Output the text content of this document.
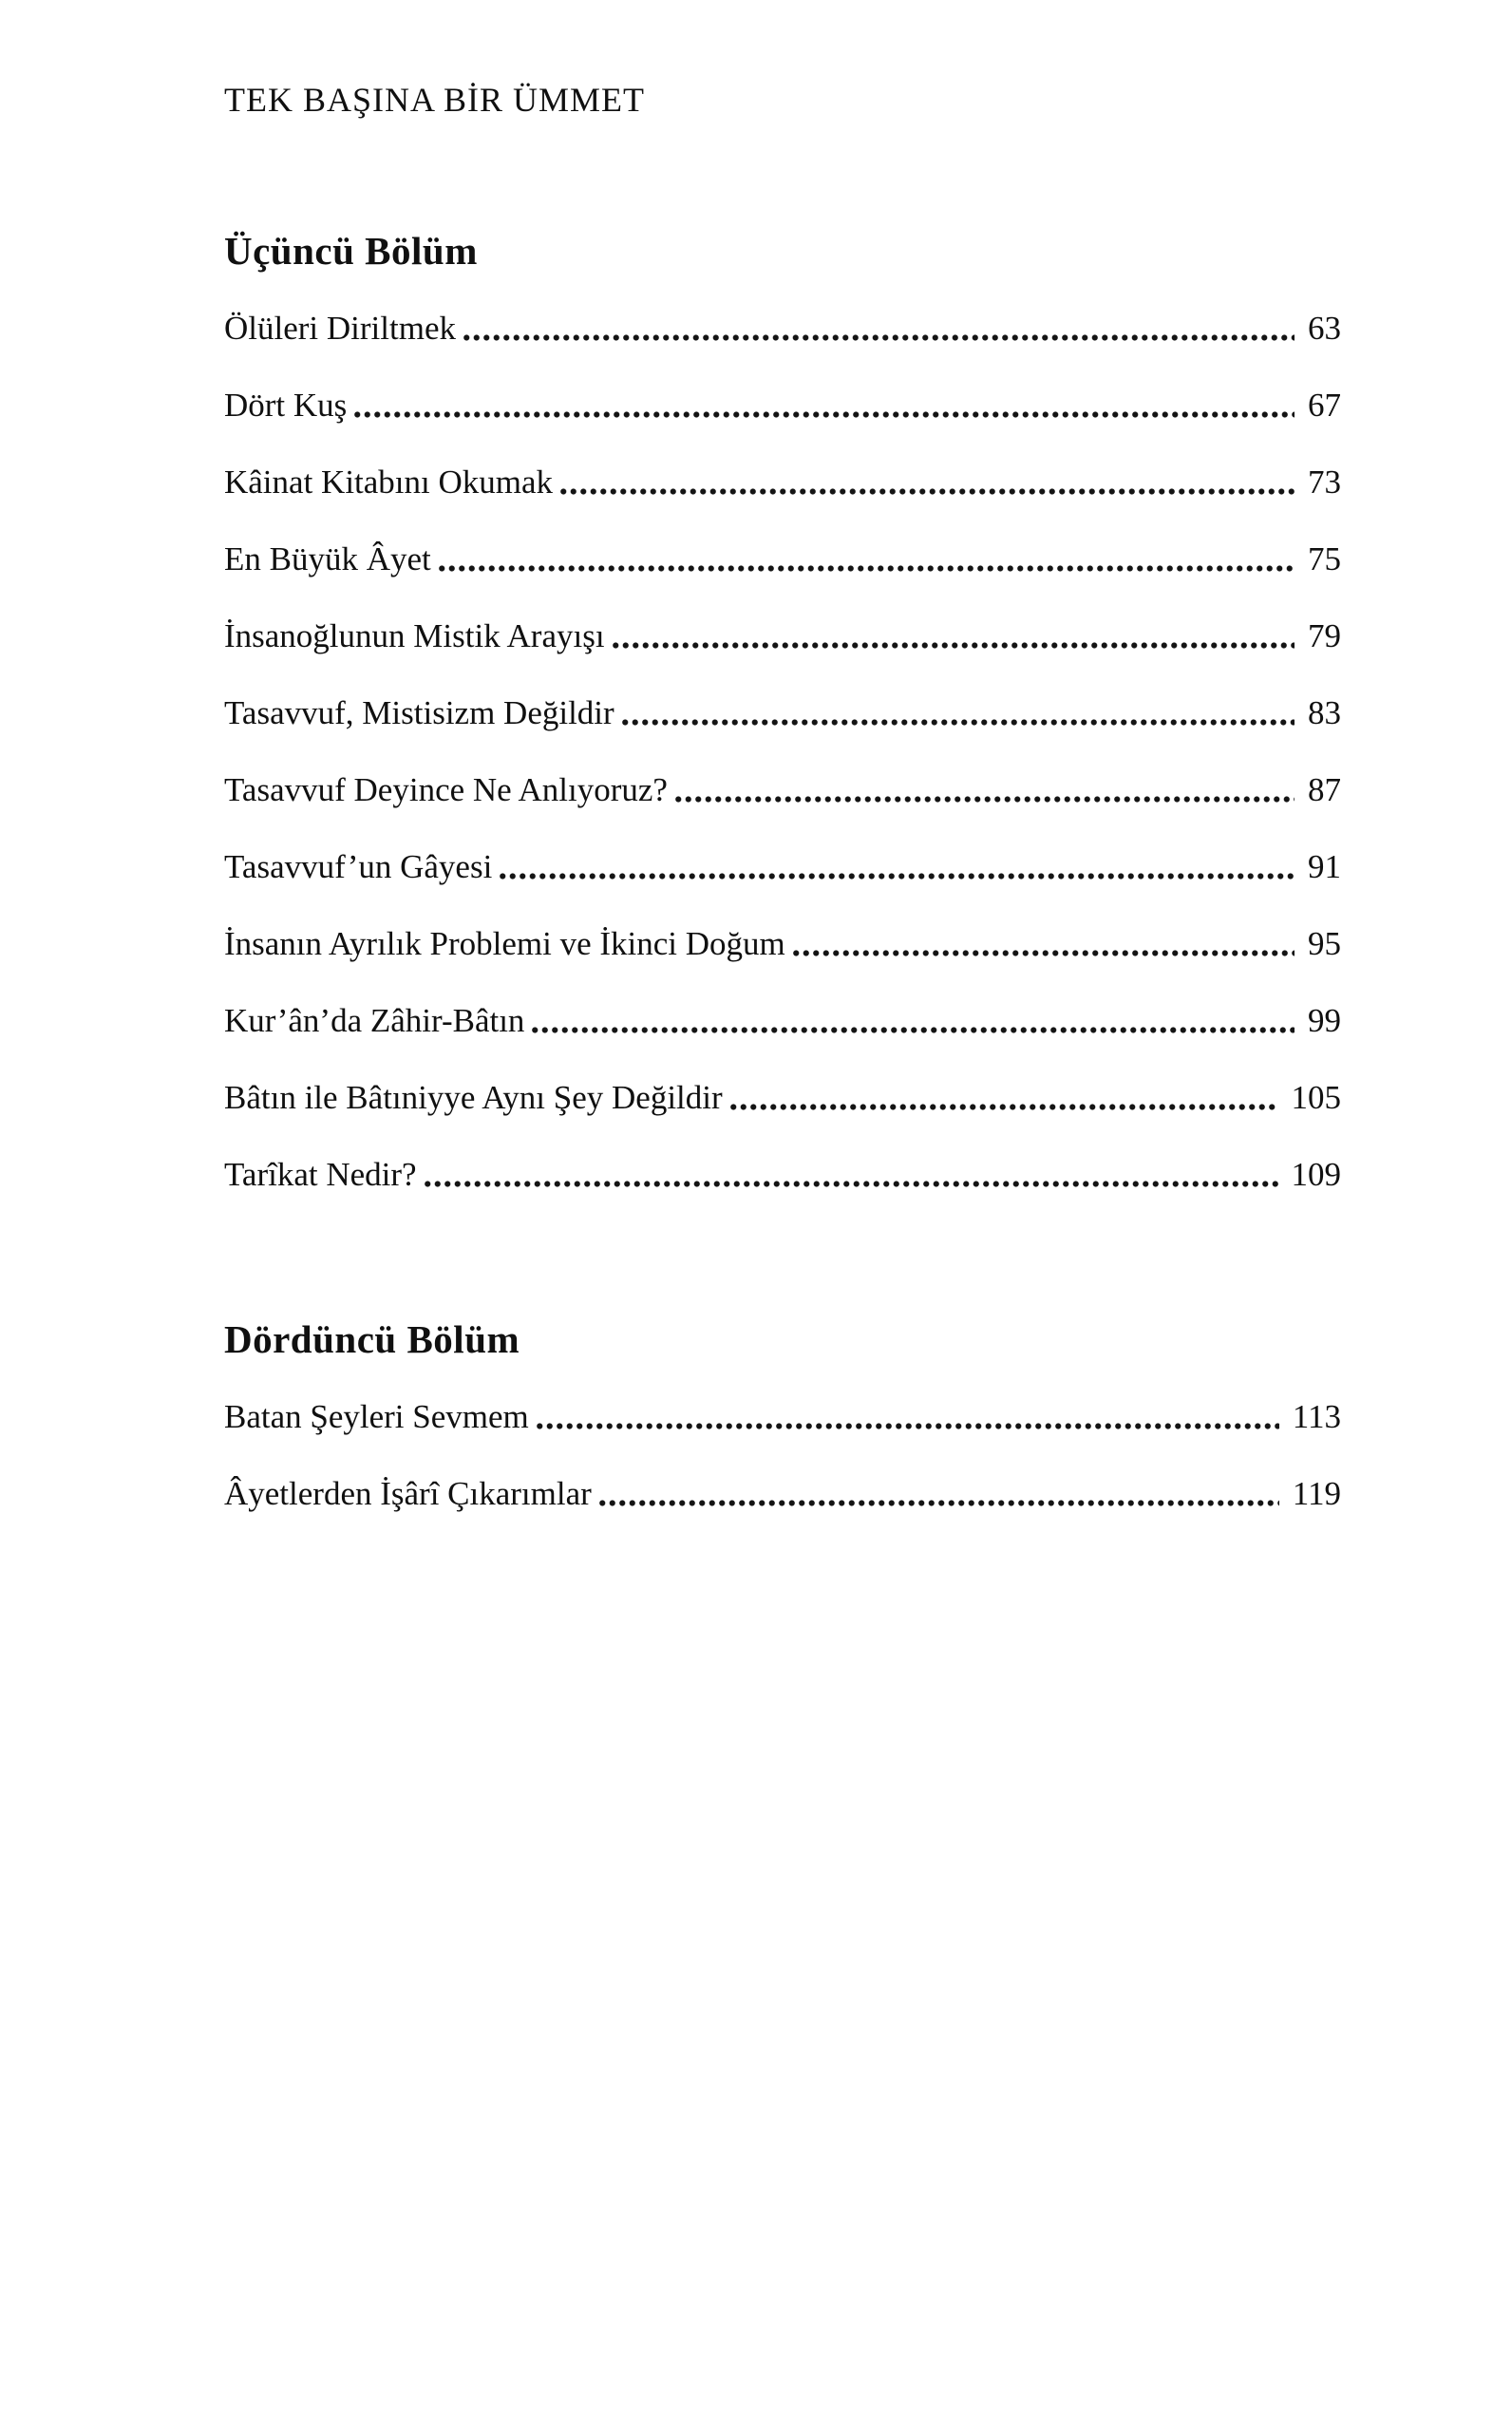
TEK BAŞINA BİR ÜMMET
Üçüncü Bölüm
Ölüleri Diriltmek	63
Dört Kuş	67
Kâinat Kitabını Okumak	73
En Büyük Âyet	75
İnsanoğlunun Mistik Arayışı	79
Tasavvuf, Mistisizm Değildir	83
Tasavvuf Deyince Ne Anlıyoruz?	87
Tasavvuf’un Gâyesi	91
İnsanın Ayrılık Problemi ve İkinci Doğum	95
Kur’ân’da Zâhir-Bâtın	99
Bâtın ile Bâtıniyye Aynı Şey Değildir	105
Tarîkat Nedir?	109
Dördüncü Bölüm
Batan Şeyleri Sevmem	113
Âyetlerden İşârî Çıkarımlar	119
